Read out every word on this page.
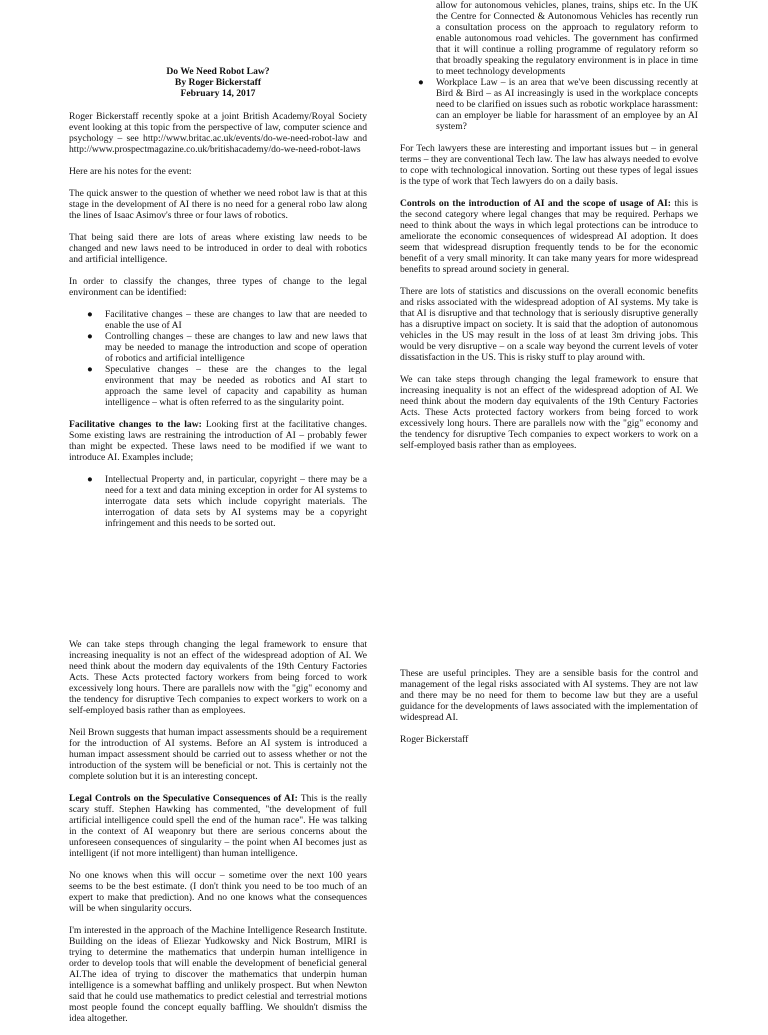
Do We Need Robot Law?
By Roger Bickerstaff
February 14, 2017

Roger Bickerstaff recently spoke at a joint British Academy/Royal Society event looking at this topic from the perspective of law, computer science and psychology – see http://www.britac.ac.uk/events/do-we-need-robot-law and http://www.prospectmagazine.co.uk/britishacademy/do-we-need-robot-laws

Here are his notes for the event:

The quick answer to the question of whether we need robot law is that at this stage in the development of AI there is no need for a general robo law along the lines of Isaac Asimov's three or four laws of robotics.

That being said there are lots of areas where existing law needs to be changed and new laws need to be introduced in order to deal with robotics and artificial intelligence.

In order to classify the changes, three types of change to the legal environment can be identified:

● Facilitative changes – these are changes to law that are needed to enable the use of AI
● Controlling changes – these are changes to law and new laws that may be needed to manage the introduction and scope of operation of robotics and artificial intelligence
● Speculative changes – these are the changes to the legal environment that may be needed as robotics and AI start to approach the same level of capacity and capability as human intelligence – what is often referred to as the singularity point.

Facilitative changes to the law: Looking first at the facilitative changes. Some existing laws are restraining the introduction of AI – probably fewer than might be expected. These laws need to be modified if we want to introduce AI. Examples include;

● Intellectual Property and, in particular, copyright – there may be a need for a text and data mining exception in order for AI systems to interrogate data sets which include copyright materials. The interrogation of data sets by AI systems may be a copyright infringement and this needs to be sorted out.
allow for autonomous vehicles, planes, trains, ships etc. In the UK the Centre for Connected & Autonomous Vehicles has recently run a consultation process on the approach to regulatory reform to enable autonomous road vehicles. The government has confirmed that it will continue a rolling programme of regulatory reform so that broadly speaking the regulatory environment is in place in time to meet technology developments
● Workplace Law – is an area that we've been discussing recently at Bird & Bird – as AI increasingly is used in the workplace concepts need to be clarified on issues such as robotic workplace harassment: can an employer be liable for harassment of an employee by an AI system?

For Tech lawyers these are interesting and important issues but – in general terms – they are conventional Tech law. The law has always needed to evolve to cope with technological innovation. Sorting out these types of legal issues is the type of work that Tech lawyers do on a daily basis.

Controls on the introduction of AI and the scope of usage of AI: this is the second category where legal changes that may be required. Perhaps we need to think about the ways in which legal protections can be introduce to ameliorate the economic consequences of widespread AI adoption. It does seem that widespread disruption frequently tends to be for the economic benefit of a very small minority. It can take many years for more widespread benefits to spread around society in general.

There are lots of statistics and discussions on the overall economic benefits and risks associated with the widespread adoption of AI systems. My take is that AI is disruptive and that technology that is seriously disruptive generally has a disruptive impact on society. It is said that the adoption of autonomous vehicles in the US may result in the loss of at least 3m driving jobs. This would be very disruptive – on a scale way beyond the current levels of voter dissatisfaction in the US. This is risky stuff to play around with.

We can take steps through changing the legal framework to ensure that increasing inequality is not an effect of the widespread adoption of AI. We need think about the modern day equivalents of the 19th Century Factories Acts. These Acts protected factory workers from being forced to work excessively long hours. There are parallels now with the "gig" economy and the tendency for disruptive Tech companies to expect workers to work on a self-employed basis rather than as employees.

We can take steps through changing the legal framework to ensure that increasing inequality is not an effect of the widespread adoption of AI. We need think about the modern day equivalents of the 19th Century Factories Acts. These Acts protected factory workers from being forced to work excessively long hours. There are parallels now with the "gig" economy and the tendency for disruptive Tech companies to expect workers to work on a self-employed basis rather than as employees.

Neil Brown suggests that human impact assessments should be a requirement for the introduction of AI systems. Before an AI system is introduced a human impact assessment should be carried out to assess whether or not the introduction of the system will be beneficial or not. This is certainly not the complete solution but it is an interesting concept.

Legal Controls on the Speculative Consequences of AI: This is the really scary stuff. Stephen Hawking has commented, "the development of full artificial intelligence could spell the end of the human race". He was talking in the context of AI weaponry but there are serious concerns about the unforeseen consequences of singularity – the point when AI becomes just as intelligent (if not more intelligent) than human intelligence.

No one knows when this will occur – sometime over the next 100 years seems to be the best estimate. (I don't think you need to be too much of an expert to make that prediction). And no one knows what the consequences will be when singularity occurs.

I'm interested in the approach of the Machine Intelligence Research Institute. Building on the ideas of Eliezar Yudkowsky and Nick Bostrum, MIRI is trying to determine the mathematics that underpin human intelligence in order to develop tools that will enable the development of beneficial general AI.The idea of trying to discover the mathematics that underpin human intelligence is a somewhat baffling and unlikely prospect. But when Newton said that he could use mathematics to predict celestial and terrestrial motions most people found the concept equally baffling. We shouldn't dismiss the idea altogether.

These are useful principles. They are a sensible basis for the control and management of the legal risks associated with AI systems. They are not law and there may be no need for them to become law but they are a useful guidance for the developments of laws associated with the implementation of widespread AI.

Roger Bickerstaff
